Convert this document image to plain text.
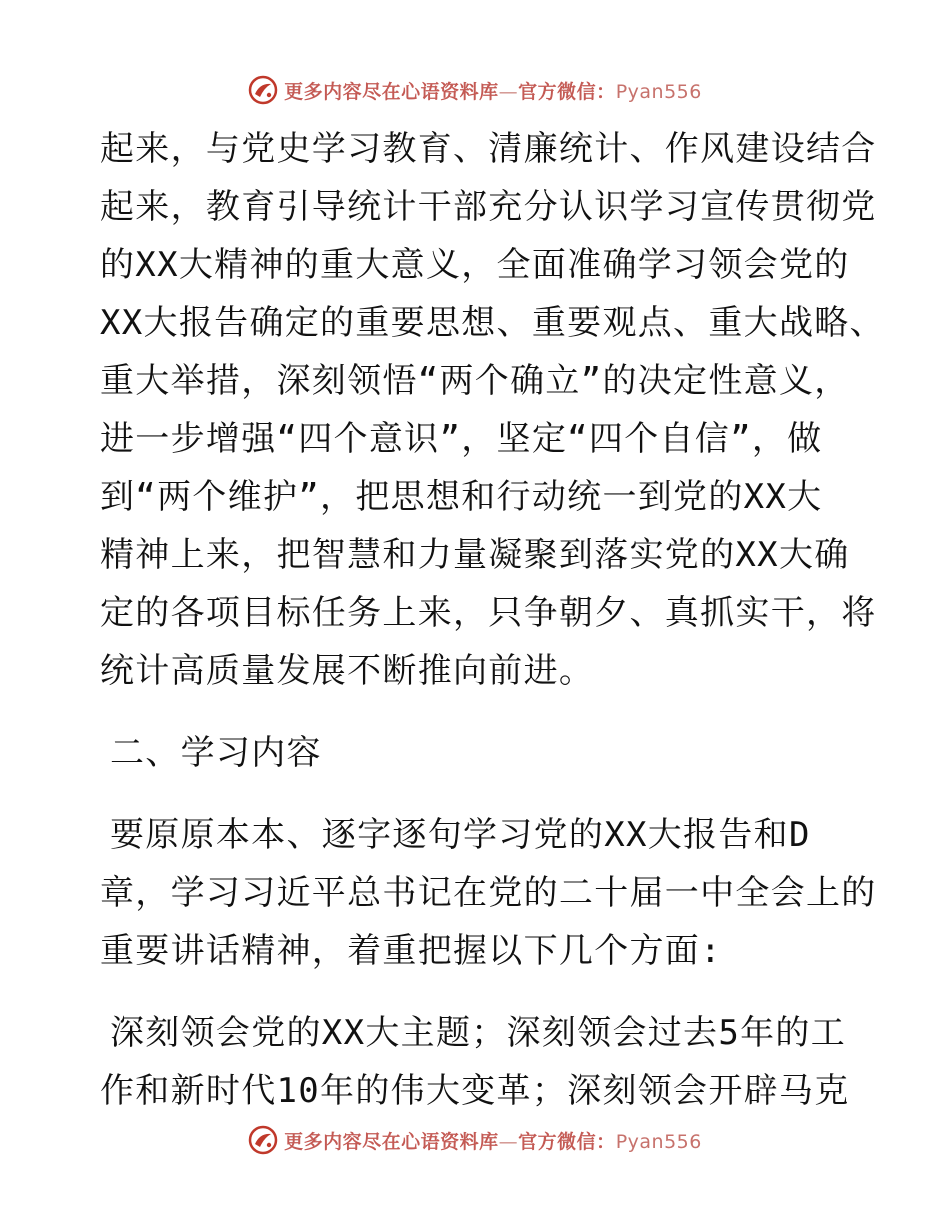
更多内容尽在心语资料库—官方微信：Pyan556
起来，与党史学习教育、清廉统计、作风建设结合
起来，教育引导统计干部充分认识学习宣传贯彻党
的XX大精神的重大意义，全面准确学习领会党的
XX大报告确定的重要思想、重要观点、重大战略、
重大举措，深刻领悟“两个确立”的决定性意义，
进一步增强“四个意识”，坚定“四个自信”，做
到“两个维护”，把思想和行动统一到党的XX大
精神上来，把智慧和力量凝聚到落实党的XX大确
定的各项目标任务上来，只争朝夕、真抓实干，将
统计高质量发展不断推向前进。
二、学习内容
要原原本本、逐字逐句学习党的XX大报告和D
章，学习习近平总书记在党的二十届一中全会上的
重要讲话精神，着重把握以下几个方面:
深刻领会党的XX大主题；深刻领会过去5年的工
作和新时代10年的伟大变革；深刻领会开辟马克
更多内容尽在心语资料库—官方微信：Pyan556
